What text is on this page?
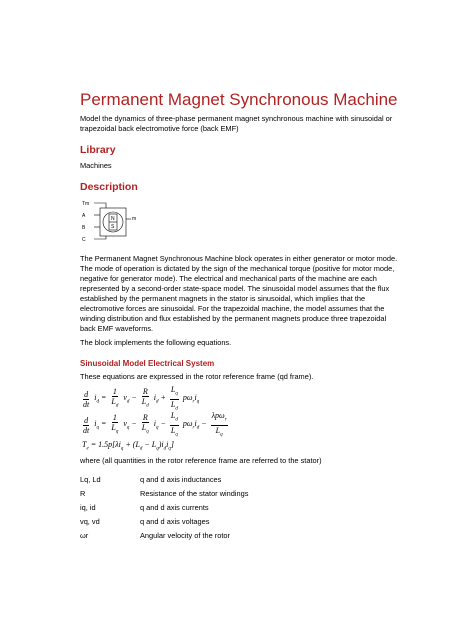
Permanent Magnet Synchronous Machine
Model the dynamics of three-phase permanent magnet synchronous machine with sinusoidal or trapezoidal back electromotive force (back EMF)
Library
Machines
Description
Tm
A
B
C
m
N
S
The Permanent Magnet Synchronous Machine block operates in either generator or motor mode. The mode of operation is dictated by the sign of the mechanical torque (positive for motor mode, negative for generator mode). The electrical and mechanical parts of the machine are each represented by a second-order state-space model. The sinusoidal model assumes that the flux established by the permanent magnets in the stator is sinusoidal, which implies that the electromotive forces are sinusoidal. For the trapezoidal machine, the model assumes that the winding distribution and flux established by the permanent magnets produce three trapezoidal back EMF waveforms.
The block implements the following equations.
Sinusoidal Model Electrical System
These equations are expressed in the rotor reference frame (qd frame).
$\frac{d}{dt} i_d = \frac{1}{L_d} v_d - \frac{R}{L_d} i_d + \frac{L_q}{L_d} p\omega_ri_q$
$\frac{d}{dt} i_q = \frac{1}{L_q} v_q - \frac{R}{L_q} i_q - \frac{L_d}{L_q} p\omega_ri_d - \frac{\lambda p\omega_r}{L_q}$
$T_e = 1.5p[\lambda i_q + (L_d - L_q)i_di_q]$
where (all quantities in the rotor reference frame are referred to the stator)
Lq, Ld	q and d axis inductances
R	Resistance of the stator windings
iq, id	q and d axis currents
vq, vd	q and d axis voltages
ωr	Angular velocity of the rotor
